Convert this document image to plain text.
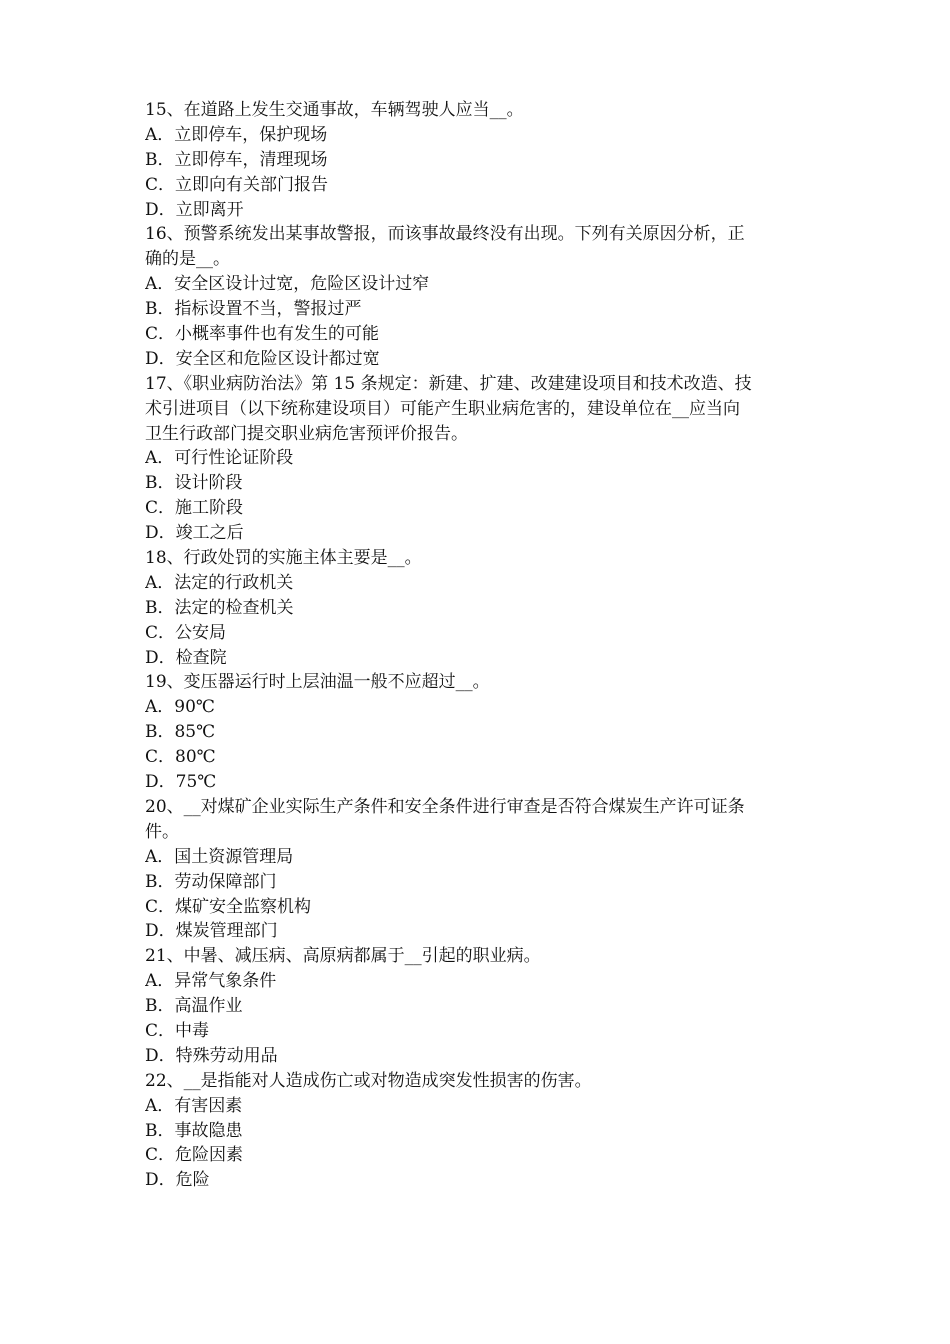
15、在道路上发生交通事故，车辆驾驶人应当__。
A．立即停车，保护现场
B．立即停车，清理现场
C．立即向有关部门报告
D．立即离开
16、预警系统发出某事故警报，而该事故最终没有出现。下列有关原因分析，正
确的是__。
A．安全区设计过宽，危险区设计过窄
B．指标设置不当，警报过严
C．小概率事件也有发生的可能
D．安全区和危险区设计都过宽
17、《职业病防治法》第 15 条规定：新建、扩建、改建建设项目和技术改造、技
术引进项目（以下统称建设项目）可能产生职业病危害的，建设单位在__应当向
卫生行政部门提交职业病危害预评价报告。
A．可行性论证阶段
B．设计阶段
C．施工阶段
D．竣工之后
18、行政处罚的实施主体主要是__。
A．法定的行政机关
B．法定的检查机关
C．公安局
D．检查院
19、变压器运行时上层油温一般不应超过__。
A．90℃
B．85℃
C．80℃
D．75℃
20、__对煤矿企业实际生产条件和安全条件进行审查是否符合煤炭生产许可证条
件。
A．国土资源管理局
B．劳动保障部门
C．煤矿安全监察机构
D．煤炭管理部门
21、中暑、减压病、高原病都属于__引起的职业病。
A．异常气象条件
B．高温作业
C．中毒
D．特殊劳动用品
22、__是指能对人造成伤亡或对物造成突发性损害的伤害。
A．有害因素
B．事故隐患
C．危险因素
D．危险
